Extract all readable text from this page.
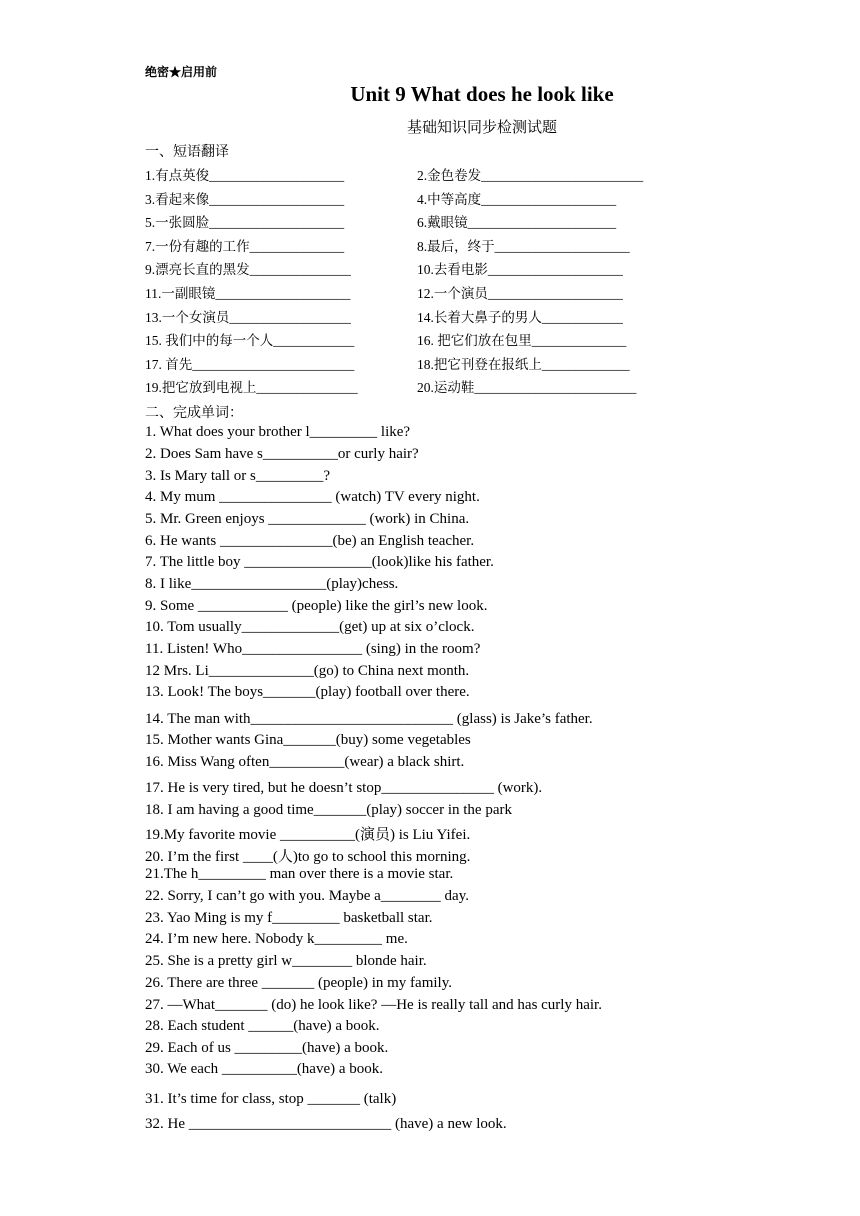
绝密★启用前
Unit 9 What does he look like
基础知识同步检测试题
一、短语翻译
1.有点英俊____________________	2.金色卷发________________________
3.看起来像____________________	4.中等高度____________________
5.一张圆脸____________________	6.戴眼镜______________________
7.一份有趣的工作______________	8.最后，终于____________________
9.漂亮长直的黑发_______________	10.去看电影____________________
11.一副眼镜____________________	12.一个演员____________________
13.一个女演员__________________	14.长着大鼻子的男人____________
15. 我们中的每一个人____________	16. 把它们放在包里______________
17. 首先________________________	18.把它刊登在报纸上_____________
19.把它放到电视上_______________	20.运动鞋________________________
二、完成单词：
1. What does your brother l_________ like?
2. Does Sam have s__________or curly hair?
3. Is Mary tall or s_________?
4. My mum _______________ (watch) TV every night.
5. Mr. Green enjoys _____________ (work) in China.
6. He wants _______________(be) an English teacher.
7. The little boy _________________(look)like his father.
8. I like__________________(play)chess.
9. Some ____________ (people) like the girl’s new look.
10. Tom usually_____________(get) up at six o’clock.
11. Listen! Who________________ (sing) in the room?
12 Mrs. Li______________(go) to China next month.
13. Look! The boys_______(play) football over there.
14. The man with___________________________ (glass) is Jake’s father.
15. Mother wants Gina_______(buy) some vegetables
16. Miss Wang often__________(wear) a black shirt.
17. He is very tired, but he doesn’t stop_______________ (work).
18. I am having a good time_______(play) soccer in the park
19.My favorite movie __________(演员) is Liu Yifei.
20. I’m the first ____(人)to go to school this morning.
21.The h_________ man over there is a movie star.
22. Sorry, I can’t go with you. Maybe a________ day.
23. Yao Ming is my f_________ basketball star.
24. I’m new here. Nobody k_________ me.
25. She is a pretty girl w________ blonde hair.
26. There are three _______ (people) in my family.
27. —What_______ (do) he look like? —He is really tall and has curly hair.
28. Each student ______(have) a book.
29. Each of us _________(have) a book.
30. We each __________(have) a book.
31. It’s time for class, stop _______ (talk)
32. He ___________________________ (have) a new look.
